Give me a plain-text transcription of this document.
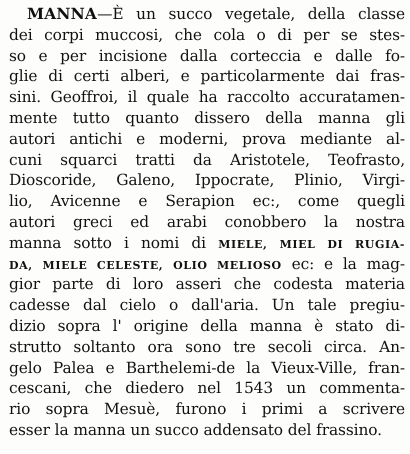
MANNA—È un succo vegetale, della classe
dei corpi muccosi, che cola o di per se stes-
so e per incisione dalla corteccia e dalle fo-
glie di certi alberi, e particolarmente dai fras-
sini. Geoffroi, il quale ha raccolto accuratamen-
mente tutto quanto dissero della manna gli
autori antichi e moderni, prova mediante al-
cuni squarci tratti da Aristotele, Teofrasto,
Dioscoride, Galeno, Ippocrate, Plinio, Virgi-
lio, Avicenne e Serapion ec:, come quegli
autori greci ed arabi conobbero la nostra
manna sotto i nomi di MIELE, MIEL DI RUGIA-
DA, MIELE CELESTE, OLIO MELIOSO ec: e la mag-
gior parte di loro asseri che codesta materia
cadesse dal cielo o dall'aria. Un tale pregiu-
dizio sopra l' origine della manna è stato di-
strutto soltanto ora sono tre secoli circa. An-
gelo Palea e Barthelemi-de la Vieux-Ville, fran-
cescani, che diedero nel 1543 un commenta-
rio sopra Mesuè, furono i primi a scrivere
esser la manna un succo addensato del frassino.
